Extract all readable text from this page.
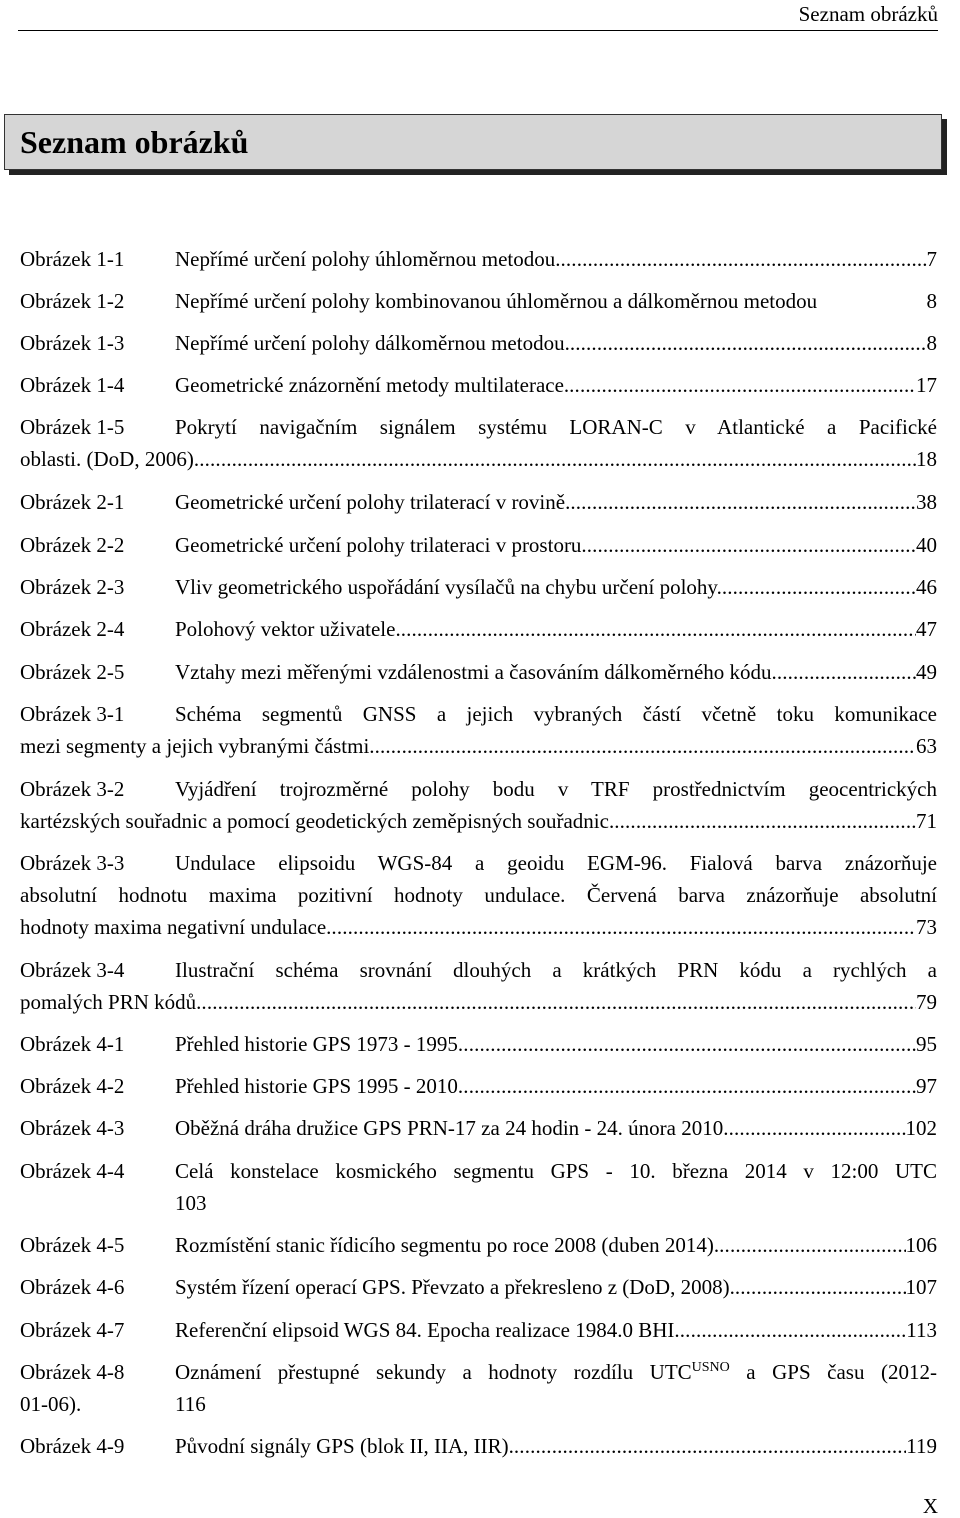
Seznam obrázků
Seznam obrázků
Obrázek 1-1	Nepřímé určení polohy úhloměrnou metodou. . . .	7
Obrázek 1-2	Nepřímé určení polohy kombinovanou úhloměrnou a dálkoměrnou metodou	8
Obrázek 1-3	Nepřímé určení polohy dálkoměrnou metodou. . . .	8
Obrázek 1-4	Geometrické znázornění metody multilaterace. . . .	17
Obrázek 1-5	Pokrytí navigačním signálem systému LORAN-C v Atlantické a Pacifické
oblasti. (DoD, 2006) . . .	18
Obrázek 2-1	Geometrické určení polohy trilaterací v rovině. . . .	38
Obrázek 2-2	Geometrické určení polohy trilateraci v prostoru. . . .	40
Obrázek 2-3	Vliv geometrického uspořádání vysílačů na chybu určení polohy. . . .	46
Obrázek 2-4	Polohový vektor uživatele. . . .	47
Obrázek 2-5	Vztahy mezi měřenými vzdálenostmi a časováním dálkoměrného kódu. . . .	49
Obrázek 3-1	Schéma segmentů GNSS a jejich vybraných částí včetně toku komunikace
mezi segmenty a jejich vybranými částmi. . . .	63
Obrázek 3-2	Vyjádření trojrozměrné polohy bodu v TRF prostřednictvím geocentrických
kartézských souřadnic a pomocí geodetických zeměpisných souřadnic. . . .	71
Obrázek 3-3	Undulace elipsoidu WGS-84 a geoidu EGM-96. Fialová barva znázorňuje
absolutní hodnotu maxima pozitivní hodnoty undulace. Červená barva znázorňuje absolutní
hodnoty maxima negativní undulace. . . .	73
Obrázek 3-4	Ilustrační schéma srovnání dlouhých a krátkých PRN kódu a rychlých a
pomalých PRN kódů. . . .	79
Obrázek 4-1	Přehled historie GPS 1973 - 1995 . . .	95
Obrázek 4-2	Přehled historie GPS 1995 - 2010 . . .	97
Obrázek 4-3	Oběžná dráha družice GPS PRN-17 za 24 hodin - 24. února 2010 . . .	102
Obrázek 4-4	Celá konstelace kosmického segmentu GPS - 10. března 2014 v 12:00 UTC
103
Obrázek 4-5	Rozmístění stanic řídicího segmentu po roce 2008 (duben 2014). . . .	106
Obrázek 4-6	Systém řízení operací GPS. Převzato a překresleno z (DoD, 2008). . . .	107
Obrázek 4-7	Referenční elipsoid WGS 84. Epocha realizace 1984.0 BHI . . .	113
Obrázek 4-8	Oznámení přestupné sekundy a hodnoty rozdílu $UTC^{USNO}$ a GPS času (2012-
01-06).	116
Obrázek 4-9	Původní signály GPS (blok II, IIA, IIR). . . .	119
X
